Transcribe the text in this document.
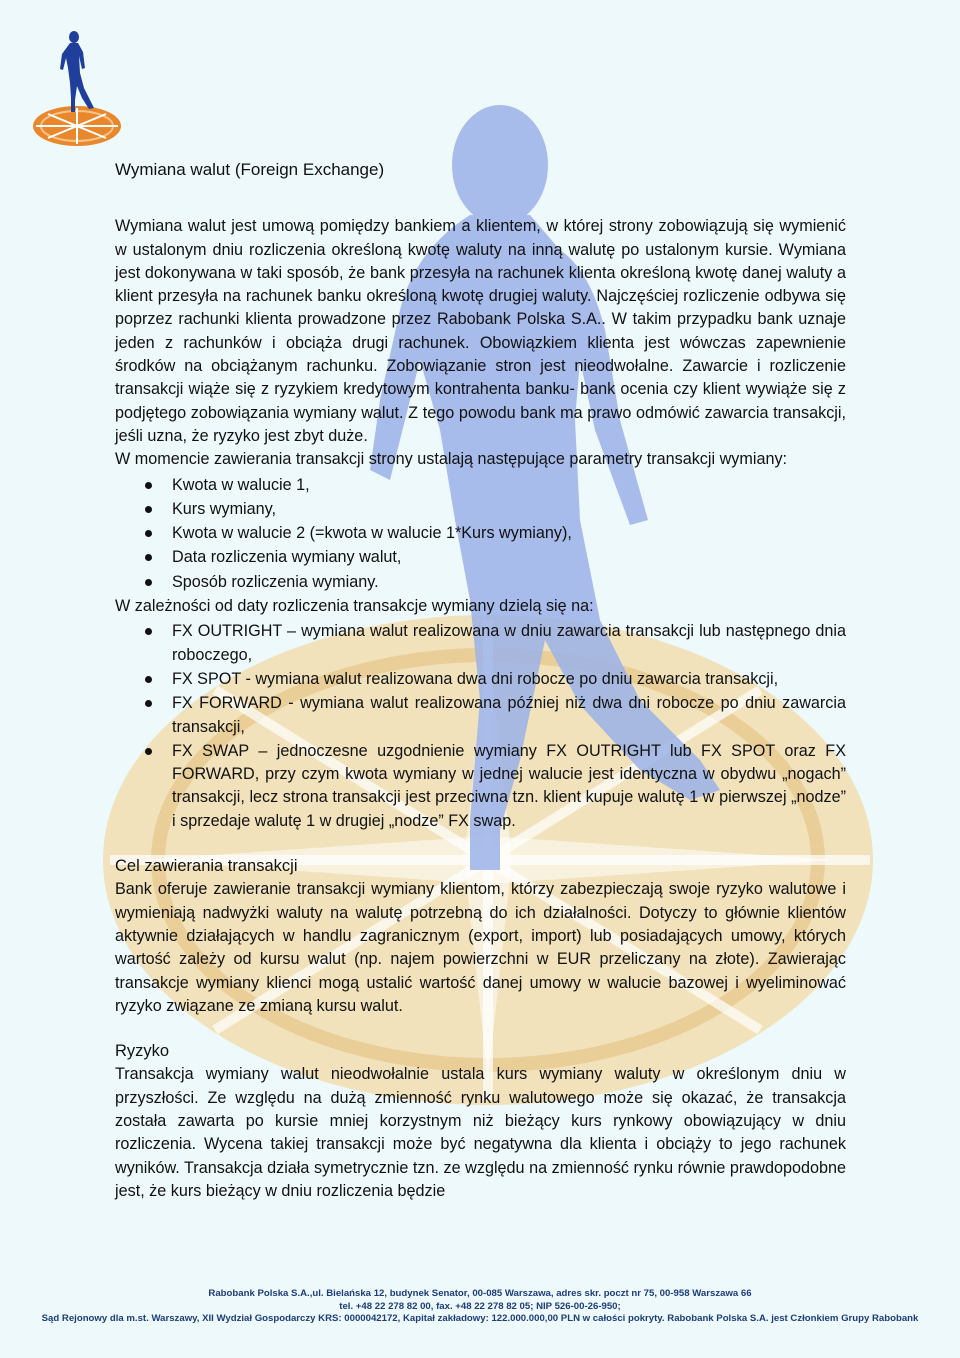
Wymiana walut (Foreign Exchange)

Wymiana walut jest umową pomiędzy bankiem a klientem, w której strony zobowiązują się wymienić w ustalonym dniu rozliczenia określoną kwotę waluty na inną walutę po ustalonym kursie. Wymiana jest dokonywana w taki sposób, że bank przesyła na rachunek klienta określoną kwotę danej waluty a klient przesyła na rachunek banku określoną kwotę drugiej waluty. Najczęściej rozliczenie odbywa się poprzez rachunki klienta prowadzone przez Rabobank Polska S.A.. W takim przypadku bank uznaje jeden z rachunków i obciąża drugi rachunek. Obowiązkiem klienta jest wówczas zapewnienie środków na obciążanym rachunku. Zobowiązanie stron jest nieodwołalne. Zawarcie i rozliczenie transakcji wiąże się z ryzykiem kredytowym kontrahenta banku- bank ocenia czy klient wywiąże się z podjętego zobowiązania wymiany walut. Z tego powodu bank ma prawo odmówić zawarcia transakcji, jeśli uzna, że ryzyko jest zbyt duże.

W momencie zawierania transakcji strony ustalają następujące parametry transakcji wymiany:

Kwota w walucie 1,
Kurs wymiany,
Kwota w walucie 2 (=kwota w walucie 1*Kurs wymiany),
Data rozliczenia wymiany walut,
Sposób rozliczenia wymiany.

W zależności od daty rozliczenia transakcje wymiany dzielą się na:

FX OUTRIGHT – wymiana walut realizowana w dniu zawarcia transakcji lub następnego dnia roboczego,
FX SPOT - wymiana walut realizowana dwa dni robocze po dniu zawarcia transakcji,
FX FORWARD - wymiana walut realizowana później niż dwa dni robocze po dniu zawarcia transakcji,
FX SWAP – jednoczesne uzgodnienie wymiany FX OUTRIGHT lub FX SPOT oraz FX FORWARD, przy czym kwota wymiany w jednej walucie jest identyczna w obydwu „nogach” transakcji, lecz strona transakcji jest przeciwna tzn. klient kupuje walutę 1 w pierwszej „nodze” i sprzedaje walutę 1 w drugiej „nodze” FX swap.
Cel zawierania transakcji

Bank oferuje zawieranie transakcji wymiany klientom, którzy zabezpieczają swoje ryzyko walutowe i wymieniają nadwyżki waluty na walutę potrzebną do ich działalności. Dotyczy to głównie klientów aktywnie działających w handlu zagranicznym (export, import) lub posiadających umowy, których wartość zależy od kursu walut (np. najem powierzchni w EUR przeliczany na złote). Zawierając transakcje wymiany klienci mogą ustalić wartość danej umowy w walucie bazowej i wyeliminować ryzyko związane ze zmianą kursu walut.

Ryzyko

Transakcja wymiany walut nieodwołalnie ustala kurs wymiany waluty w określonym dniu w przyszłości. Ze względu na dużą zmienność rynku walutowego może się okazać, że transakcja została zawarta po kursie mniej korzystnym niż bieżący kurs rynkowy obowiązujący w dniu rozliczenia. Wycena takiej transakcji może być negatywna dla klienta i obciąży to jego rachunek wyników. Transakcja działa symetrycznie tzn. ze względu na zmienność rynku równie prawdopodobne jest, że kurs bieżący w dniu rozliczenia będzie

Rabobank Polska S.A.,ul. Bielańska 12, budynek Senator, 00-085 Warszawa, adres skr. poczt nr 75, 00-958 Warszawa 66
tel. +48 22 278 82 00, fax. +48 22 278 82 05; NIP 526-00-26-950;
Sąd Rejonowy dla m.st. Warszawy, XII Wydział Gospodarczy KRS: 0000042172, Kapitał zakładowy: 122.000.000,00 PLN w całości pokryty. Rabobank Polska S.A. jest Członkiem Grupy Rabobank
